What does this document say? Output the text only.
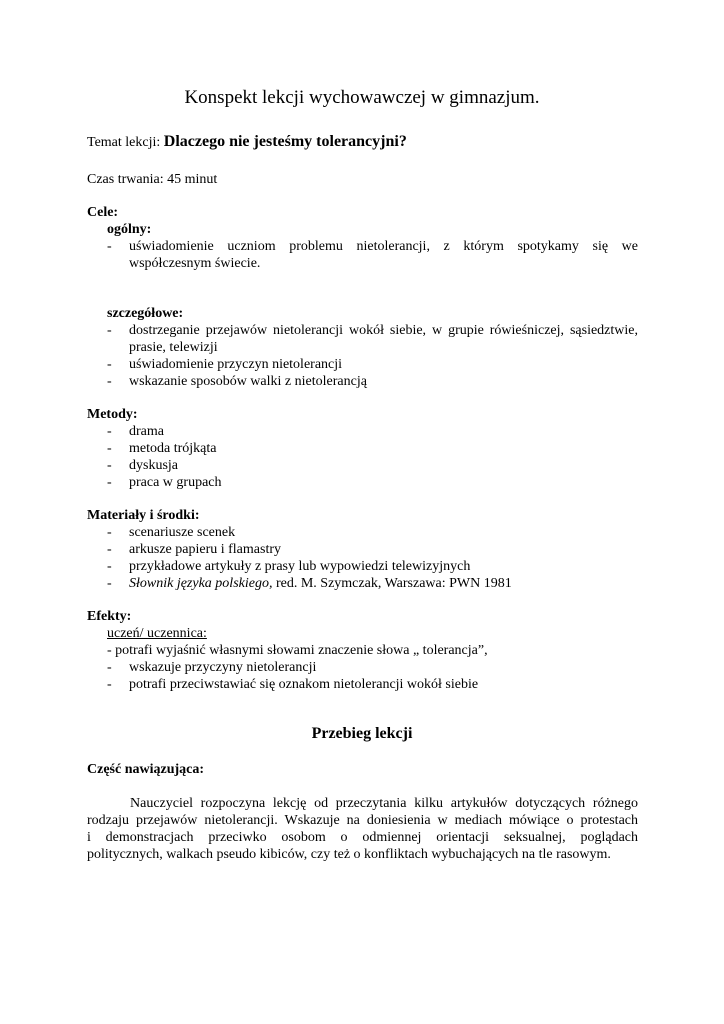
Konspekt lekcji wychowawczej w gimnazjum.
Temat lekcji: Dlaczego nie jesteśmy tolerancyjni?
Czas trwania: 45 minut
Cele:
ogólny:
- uświadomienie uczniom problemu nietolerancji, z którym spotykamy się we współczesnym świecie.
szczegółowe:
- dostrzeganie przejawów nietolerancji wokół siebie, w grupie rówieśniczej, sąsiedztwie, prasie, telewizji
- uświadomienie przyczyn nietolerancji
- wskazanie sposobów walki z nietolerancją
Metody:
- drama
- metoda trójkąta
- dyskusja
- praca w grupach
Materiały i środki:
- scenariusze scenek
- arkusze papieru i flamastry
- przykładowe artykuły z prasy lub wypowiedzi telewizyjnych
- Słownik języka polskiego, red. M. Szymczak, Warszawa: PWN 1981
Efekty:
uczeń/ uczennica:
- potrafi wyjaśnić własnymi słowami znaczenie słowa „ tolerancja”,
- wskazuje przyczyny nietolerancji
- potrafi przeciwstawiać się oznakom nietolerancji wokół siebie
Przebieg lekcji
Część nawiązująca:
Nauczyciel rozpoczyna lekcję od przeczytania kilku artykułów dotyczących różnego
rodzaju przejawów nietolerancji. Wskazuje na doniesienia w mediach mówiące o protestach
i demonstracjach przeciwko osobom o odmiennej orientacji seksualnej, poglądach
politycznych, walkach pseudo kibiców, czy też o konfliktach wybuchających na tle rasowym.
